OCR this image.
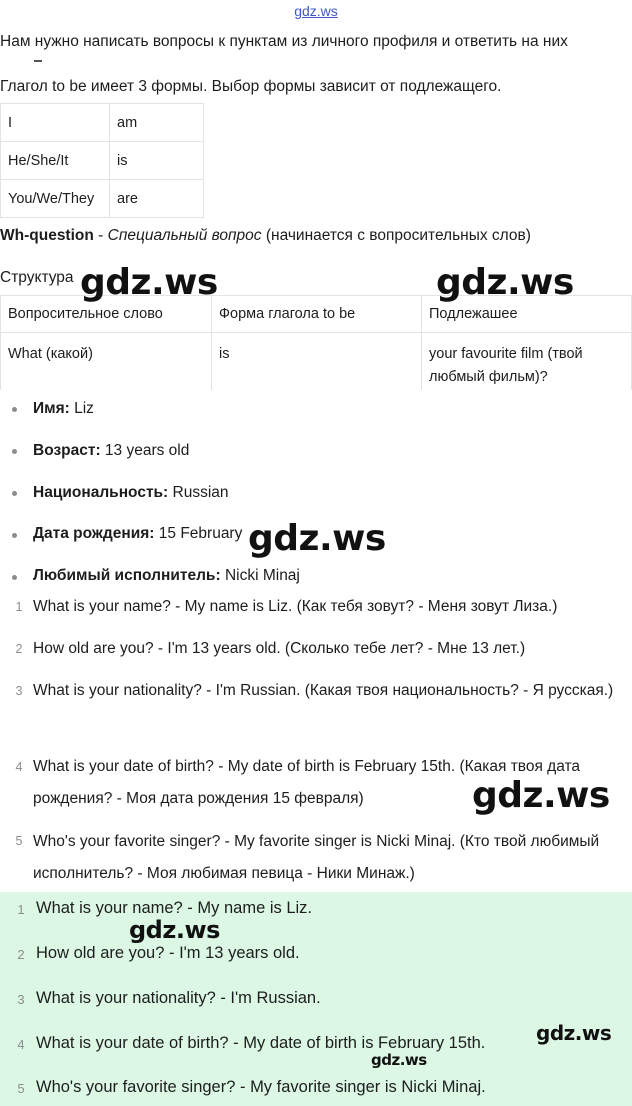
gdz.ws
Нам нужно написать вопросы к пунктам из личного профиля и ответить на них
Глагол to be имеет 3 формы. Выбор формы зависит от подлежащего.
I	am
He/She/It	is
You/We/They	are
Wh-question - Специальный вопрос (начинается с вопросительных слов)
Структура
Вопросительное слово	Форма глагола to be	Подлежашее
What (какой)	is	your favourite film (твой любмый фильм)?
Имя: Liz
Возраст: 13 years old
Национальность: Russian
Дата рождения: 15 February
Любимый исполнитель: Nicki Minaj
1 What is your name? - My name is Liz. (Как тебя зовут? - Меня зовут Лиза.)
2 How old are you? - I'm 13 years old. (Сколько тебе лет? - Мне 13 лет.)
3 What is your nationality? - I'm Russian. (Какая твоя национальность? - Я русская.)
4 What is your date of birth? - My date of birth is February 15th. (Какая твоя дата рождения? - Моя дата рождения 15 февраля)
5 Who's your favorite singer? - My favorite singer is Nicki Minaj. (Кто твой любимый исполнитель? - Моя любимая певица - Ники Минаж.)
1 What is your name? - My name is Liz.
2 How old are you? - I'm 13 years old.
3 What is your nationality? - I'm Russian.
4 What is your date of birth? - My date of birth is February 15th.
5 Who's your favorite singer? - My favorite singer is Nicki Minaj.
gdz.ws	gdz.ws
gdz.ws
gdz.ws
gdz.ws
gdz.ws
gdz.ws
